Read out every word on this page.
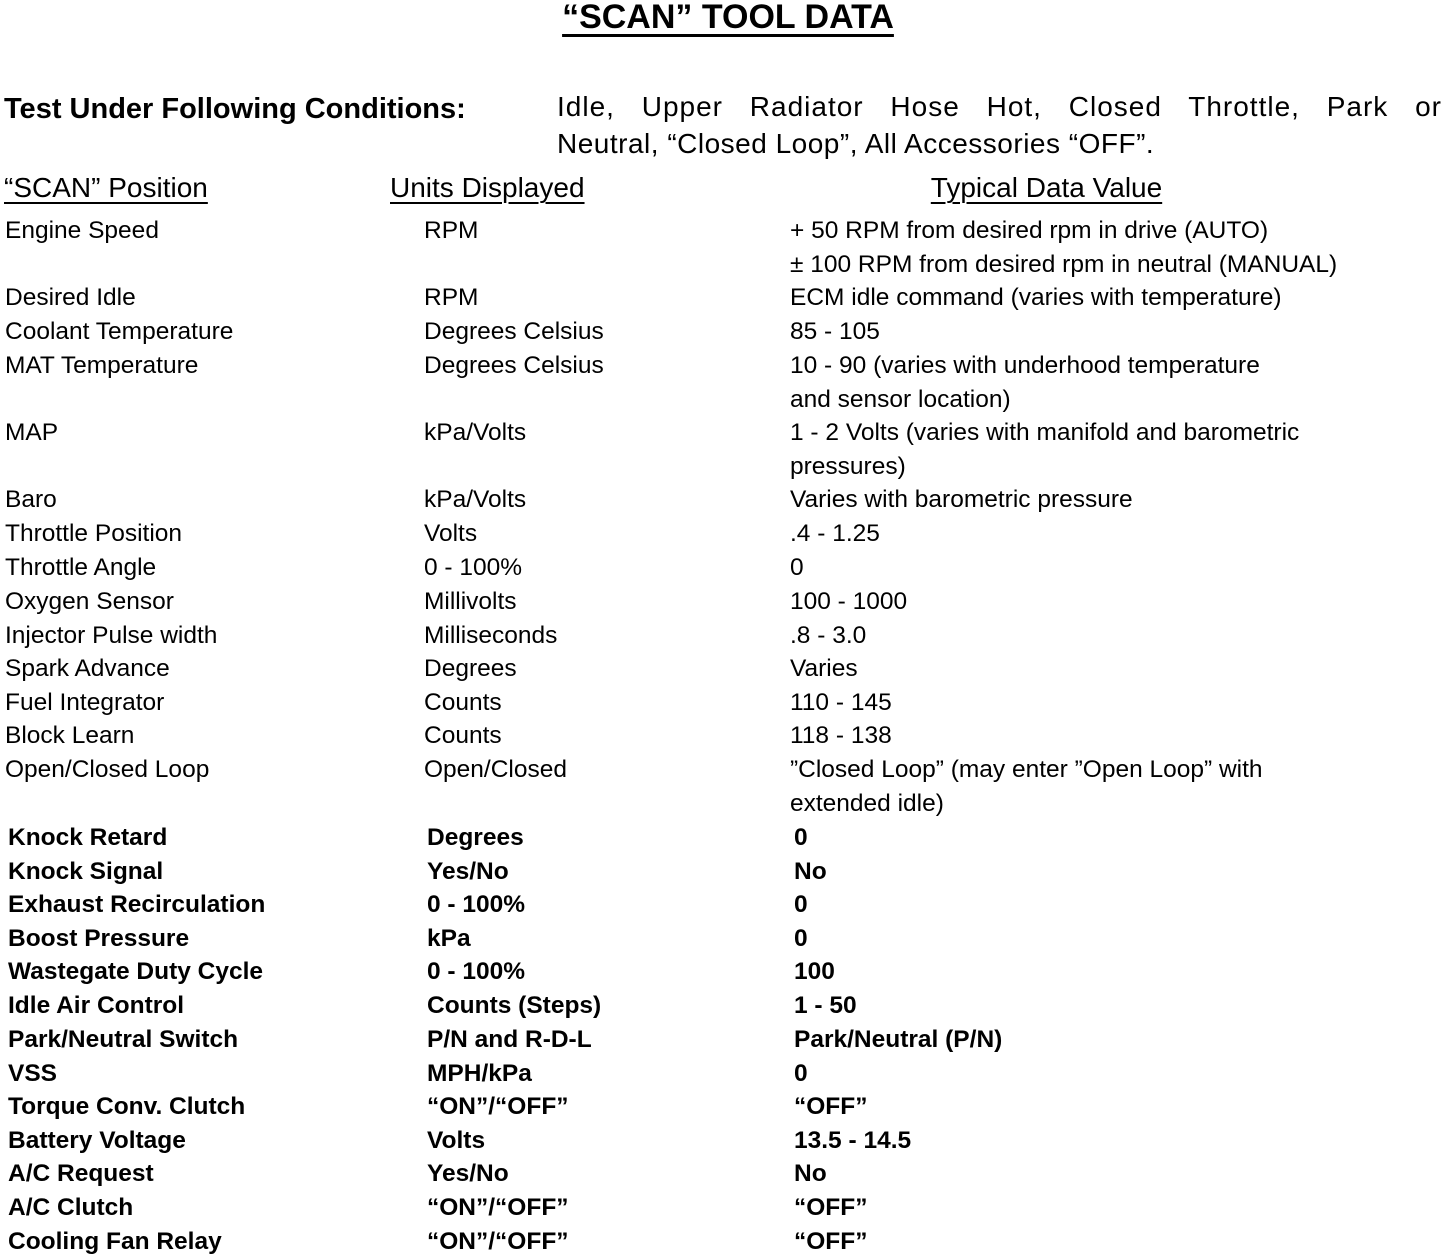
“SCAN” TOOL DATA
Test Under Following Conditions:	Idle, Upper Radiator Hose Hot, Closed Throttle, Park or
Neutral, “Closed Loop”, All Accessories “OFF”.
“SCAN” Position	Units Displayed	Typical Data Value
Engine Speed	RPM	+ 50 RPM from desired rpm in drive (AUTO)
± 100 RPM from desired rpm in neutral (MANUAL)
Desired Idle	RPM	ECM idle command (varies with temperature)
Coolant Temperature	Degrees Celsius	85 - 105
MAT Temperature	Degrees Celsius	10 - 90 (varies with underhood temperature
and sensor location)
MAP	kPa/Volts	1 - 2 Volts (varies with manifold and barometric
pressures)
Baro	kPa/Volts	Varies with barometric pressure
Throttle Position	Volts	.4 - 1.25
Throttle Angle	0 - 100%	0
Oxygen Sensor	Millivolts	100 - 1000
Injector Pulse width	Milliseconds	.8 - 3.0
Spark Advance	Degrees	Varies
Fuel Integrator	Counts	110 - 145
Block Learn	Counts	118 - 138
Open/Closed Loop	Open/Closed	”Closed Loop” (may enter ”Open Loop” with
extended idle)
Knock Retard	Degrees	0
Knock Signal	Yes/No	No
Exhaust Recirculation	0 - 100%	0
Boost Pressure	kPa	0
Wastegate Duty Cycle	0 - 100%	100
Idle Air Control	Counts (Steps)	1 - 50
Park/Neutral Switch	P/N and R-D-L	Park/Neutral (P/N)
VSS	MPH/kPa	0
Torque Conv. Clutch	“ON”/“OFF”	“OFF”
Battery Voltage	Volts	13.5 - 14.5
A/C Request	Yes/No	No
A/C Clutch	“ON”/“OFF”	“OFF”
Cooling Fan Relay	“ON”/“OFF”	“OFF”
